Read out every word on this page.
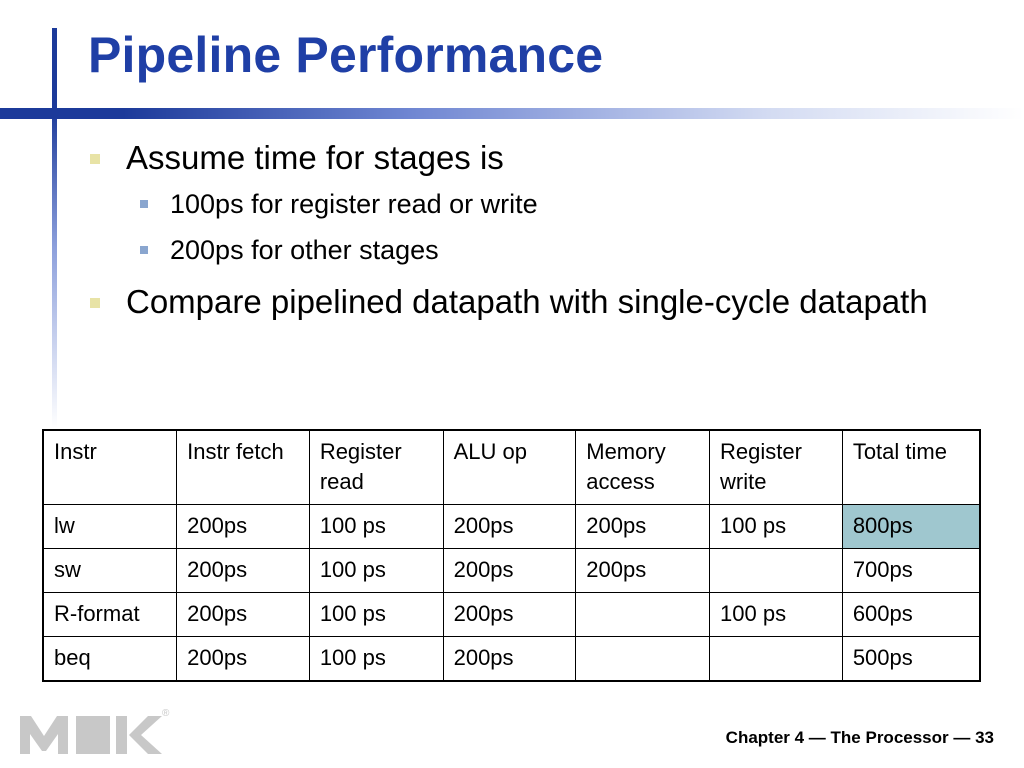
Pipeline Performance
Assume time for stages is
100ps for register read or write
200ps for other stages
Compare pipelined datapath with single-cycle datapath
Instr	Instr fetch	Register read	ALU op	Memory access	Register write	Total time
lw	200ps	100 ps	200ps	200ps	100 ps	800ps
sw	200ps	100 ps	200ps	200ps		700ps
R-format	200ps	100 ps	200ps		100 ps	600ps
beq	200ps	100 ps	200ps			500ps
®
Chapter 4 — The Processor — 33
